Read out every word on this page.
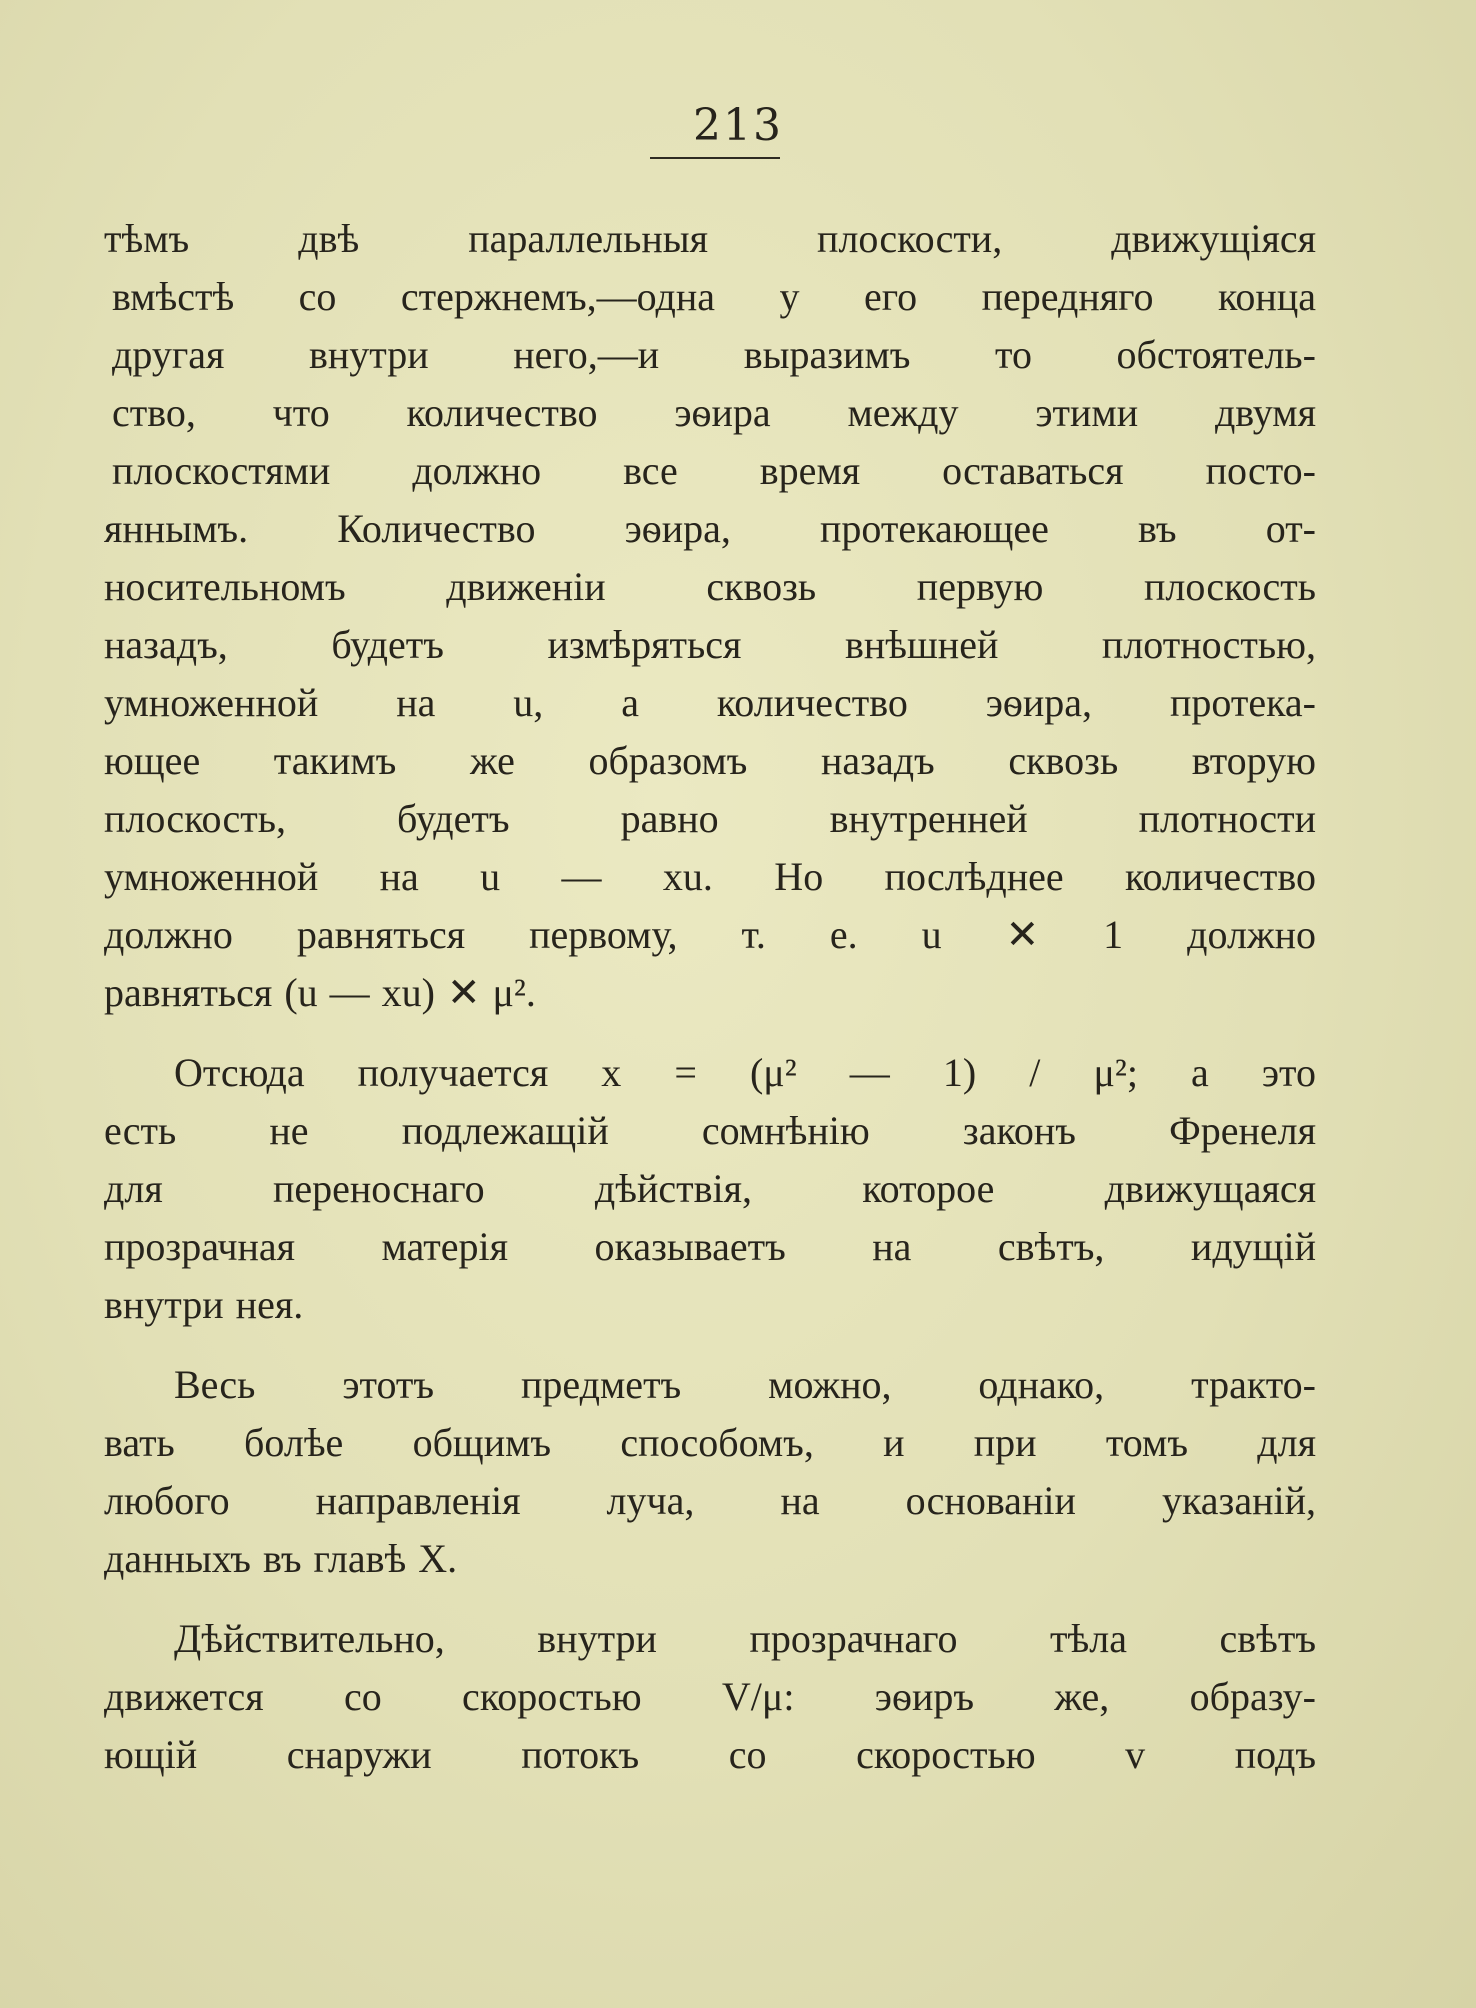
213
тѣмъ двѣ параллельныя плоскости, движущіяся
вмѣстѣ со стержнемъ,—одна у его передняго конца
другая внутри него,—и выразимъ то обстоятель-
ство, что количество эѳира между этими двумя
плоскостями должно все время оставаться посто-
яннымъ. Количество эѳира, протекающее въ от-
носительномъ движеніи сквозь первую плоскость
назадъ, будетъ измѣряться внѣшней плотностью,
умноженной на u, а количество эѳира, протека-
ющее такимъ же образомъ назадъ сквозь вторую
плоскость, будетъ равно внутренней плотности
умноженной на u — xu. Но послѣднее количество
должно равняться первому, т. е. u ✕ 1 должно
равняться (u — xu) ✕ μ².
Отсюда получается x = (μ² — 1) / μ²; а это
есть не подлежащій сомнѣнію законъ Френеля
для переноснаго дѣйствія, которое движущаяся
прозрачная матерія оказываетъ на свѣтъ, идущій
внутри нея.
Весь этотъ предметъ можно, однако, тракто-
вать болѣе общимъ способомъ, и при томъ для
любого направленія луча, на основаніи указаній,
данныхъ въ главѣ X.
Дѣйствительно, внутри прозрачнаго тѣла свѣтъ
движется со скоростью V/μ: эѳиръ же, образу-
ющій снаружи потокъ со скоростью v подъ
